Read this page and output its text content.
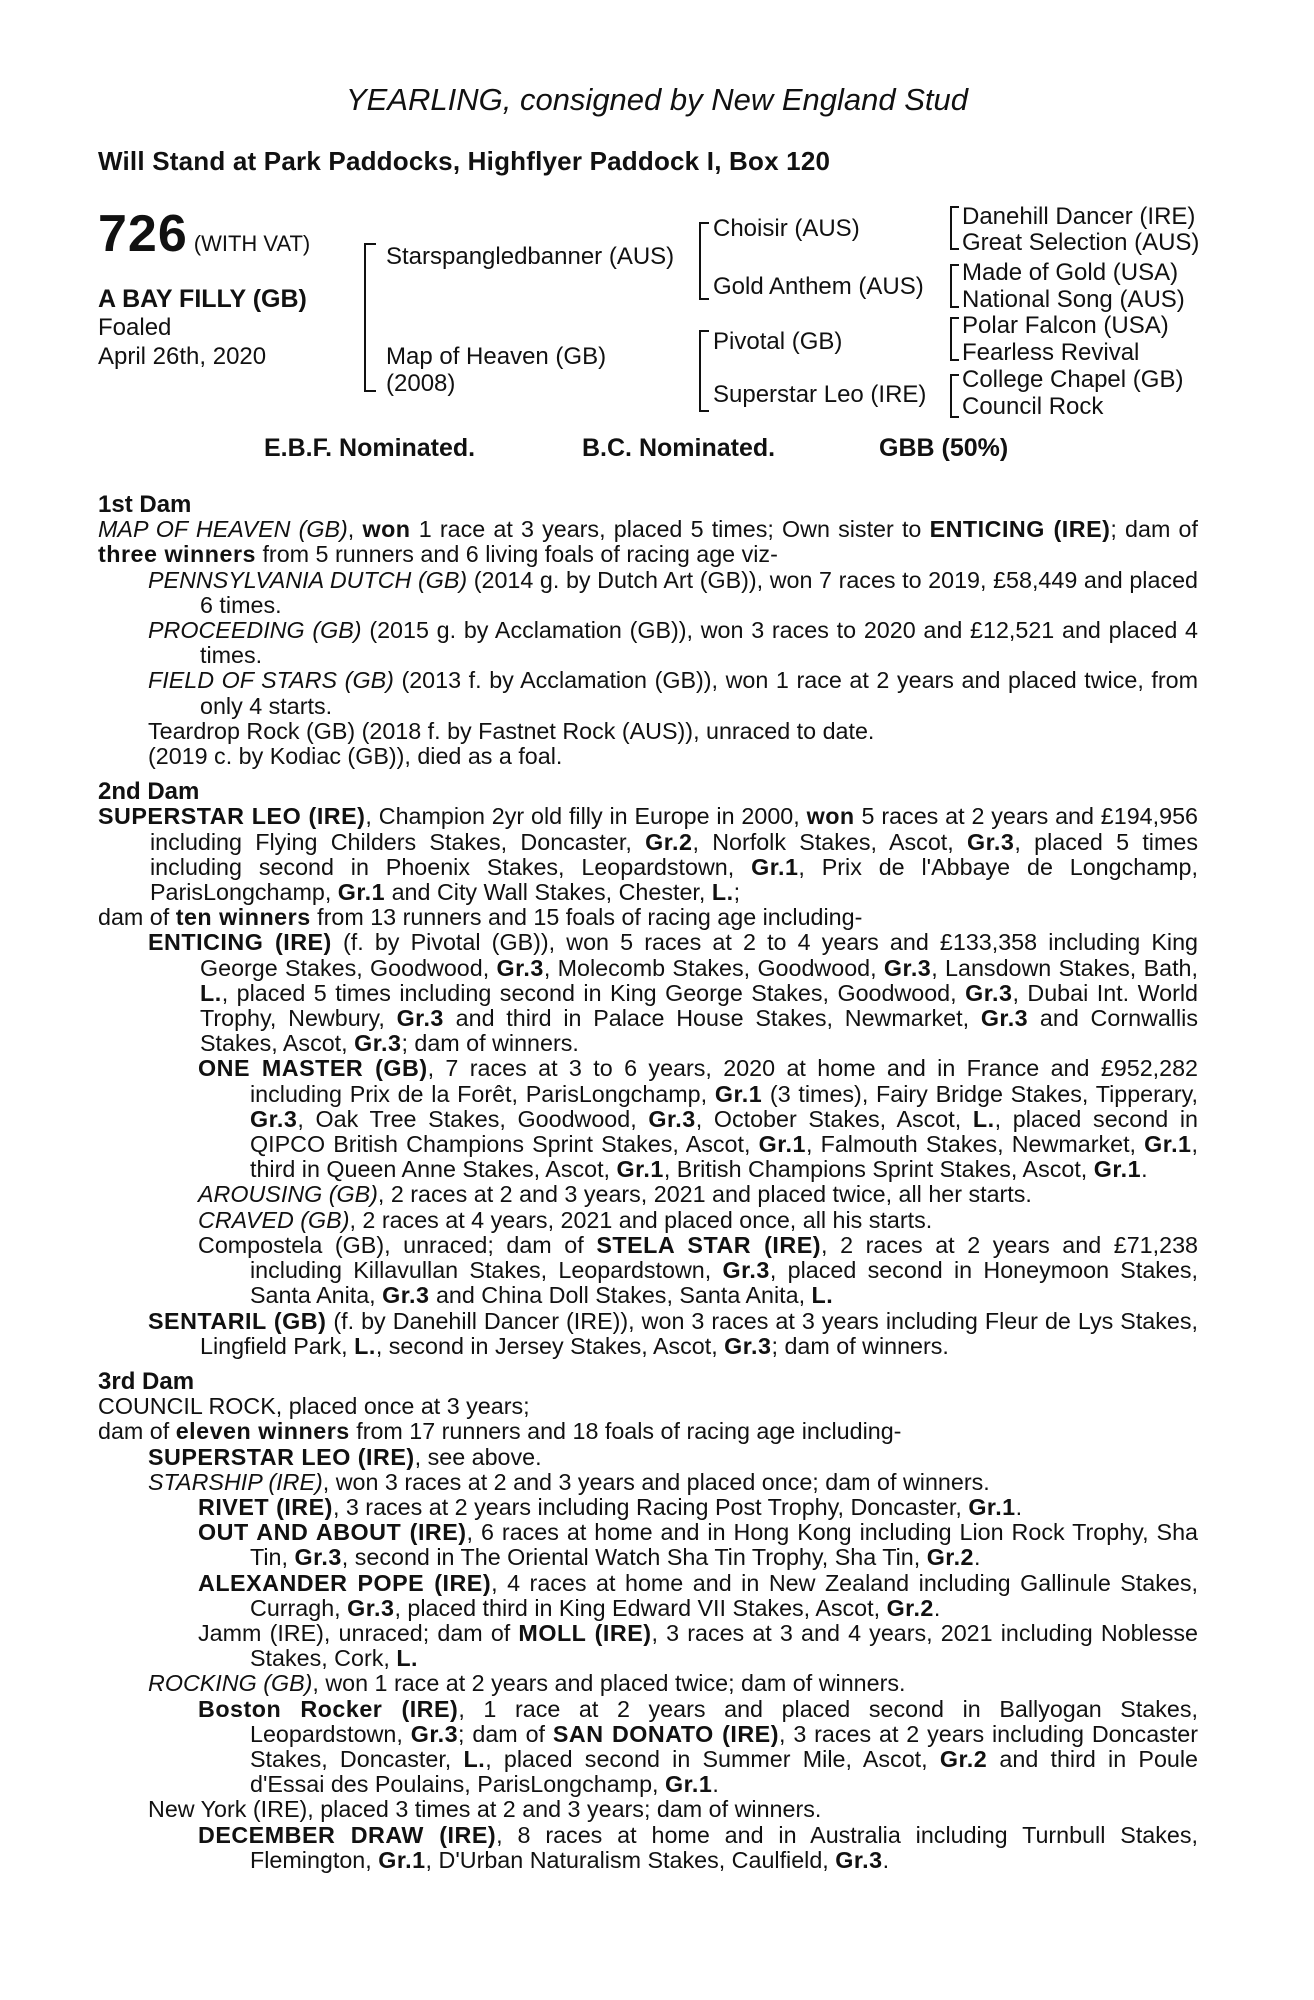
YEARLING, consigned by New England Stud
Will Stand at Park Paddocks, Highflyer Paddock I, Box 120
726 (WITH VAT)
A BAY FILLY (GB)
Foaled
April 26th, 2020
Starspangledbanner (AUS)
Map of Heaven (GB)
(2008)
Choisir (AUS)
Gold Anthem (AUS)
Pivotal (GB)
Superstar Leo (IRE)
Danehill Dancer (IRE)
Great Selection (AUS)
Made of Gold (USA)
National Song (AUS)
Polar Falcon (USA)
Fearless Revival
College Chapel (GB)
Council Rock
E.B.F. Nominated.	B.C. Nominated.	GBB (50%)

1st Dam

MAP OF HEAVEN (GB), won 1 race at 3 years, placed 5 times; Own sister to ENTICING (IRE); dam of three winners from 5 runners and 6 living foals of racing age viz-

PENNSYLVANIA DUTCH (GB) (2014 g. by Dutch Art (GB)), won 7 races to 2019, £58,449 and placed 6 times.

PROCEEDING (GB) (2015 g. by Acclamation (GB)), won 3 races to 2020 and £12,521 and placed 4 times.

FIELD OF STARS (GB) (2013 f. by Acclamation (GB)), won 1 race at 2 years and placed twice, from only 4 starts.

Teardrop Rock (GB) (2018 f. by Fastnet Rock (AUS)), unraced to date.

(2019 c. by Kodiac (GB)), died as a foal.

2nd Dam

SUPERSTAR LEO (IRE), Champion 2yr old filly in Europe in 2000, won 5 races at 2 years and £194,956 including Flying Childers Stakes, Doncaster, Gr.2, Norfolk Stakes, Ascot, Gr.3, placed 5 times including second in Phoenix Stakes, Leopardstown, Gr.1, Prix de l'Abbaye de Longchamp, ParisLongchamp, Gr.1 and City Wall Stakes, Chester, L.;

dam of ten winners from 13 runners and 15 foals of racing age including-

ENTICING (IRE) (f. by Pivotal (GB)), won 5 races at 2 to 4 years and £133,358 including King George Stakes, Goodwood, Gr.3, Molecomb Stakes, Goodwood, Gr.3, Lansdown Stakes, Bath, L., placed 5 times including second in King George Stakes, Goodwood, Gr.3, Dubai Int. World Trophy, Newbury, Gr.3 and third in Palace House Stakes, Newmarket, Gr.3 and Cornwallis Stakes, Ascot, Gr.3; dam of winners.

ONE MASTER (GB), 7 races at 3 to 6 years, 2020 at home and in France and £952,282 including Prix de la Forêt, ParisLongchamp, Gr.1 (3 times), Fairy Bridge Stakes, Tipperary, Gr.3, Oak Tree Stakes, Goodwood, Gr.3, October Stakes, Ascot, L., placed second in QIPCO British Champions Sprint Stakes, Ascot, Gr.1, Falmouth Stakes, Newmarket, Gr.1, third in Queen Anne Stakes, Ascot, Gr.1, British Champions Sprint Stakes, Ascot, Gr.1.

AROUSING (GB), 2 races at 2 and 3 years, 2021 and placed twice, all her starts.

CRAVED (GB), 2 races at 4 years, 2021 and placed once, all his starts.

Compostela (GB), unraced; dam of STELA STAR (IRE), 2 races at 2 years and £71,238 including Killavullan Stakes, Leopardstown, Gr.3, placed second in Honeymoon Stakes, Santa Anita, Gr.3 and China Doll Stakes, Santa Anita, L.

SENTARIL (GB) (f. by Danehill Dancer (IRE)), won 3 races at 3 years including Fleur de Lys Stakes, Lingfield Park, L., second in Jersey Stakes, Ascot, Gr.3; dam of winners.

3rd Dam

COUNCIL ROCK, placed once at 3 years;

dam of eleven winners from 17 runners and 18 foals of racing age including-

SUPERSTAR LEO (IRE), see above.

STARSHIP (IRE), won 3 races at 2 and 3 years and placed once; dam of winners.

RIVET (IRE), 3 races at 2 years including Racing Post Trophy, Doncaster, Gr.1.

OUT AND ABOUT (IRE), 6 races at home and in Hong Kong including Lion Rock Trophy, Sha Tin, Gr.3, second in The Oriental Watch Sha Tin Trophy, Sha Tin, Gr.2.

ALEXANDER POPE (IRE), 4 races at home and in New Zealand including Gallinule Stakes, Curragh, Gr.3, placed third in King Edward VII Stakes, Ascot, Gr.2.

Jamm (IRE), unraced; dam of MOLL (IRE), 3 races at 3 and 4 years, 2021 including Noblesse Stakes, Cork, L.

ROCKING (GB), won 1 race at 2 years and placed twice; dam of winners.

Boston Rocker (IRE), 1 race at 2 years and placed second in Ballyogan Stakes, Leopardstown, Gr.3; dam of SAN DONATO (IRE), 3 races at 2 years including Doncaster Stakes, Doncaster, L., placed second in Summer Mile, Ascot, Gr.2 and third in Poule d'Essai des Poulains, ParisLongchamp, Gr.1.

New York (IRE), placed 3 times at 2 and 3 years; dam of winners.

DECEMBER DRAW (IRE), 8 races at home and in Australia including Turnbull Stakes, Flemington, Gr.1, D'Urban Naturalism Stakes, Caulfield, Gr.3.
